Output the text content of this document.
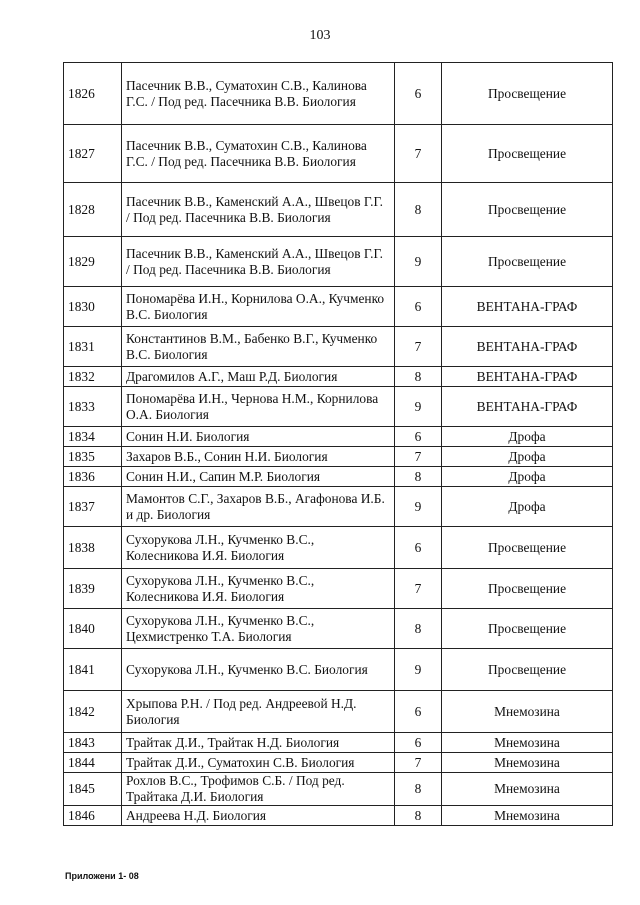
103
1826	Пасечник В.В., Суматохин С.В., Калинова Г.С. / Под ред. Пасечника В.В. Биология	6	Просвещение
1827	Пасечник В.В., Суматохин С.В., Калинова Г.С. / Под ред. Пасечника В.В. Биология	7	Просвещение
1828	Пасечник В.В., Каменский А.А., Швецов Г.Г. / Под ред. Пасечника В.В. Биология	8	Просвещение
1829	Пасечник В.В., Каменский А.А., Швецов Г.Г. / Под ред. Пасечника В.В. Биология	9	Просвещение
1830	Пономарёва И.Н., Корнилова О.А., Кучменко В.С. Биология	6	ВЕНТАНА-ГРАФ
1831	Константинов В.М., Бабенко В.Г., Кучменко В.С. Биология	7	ВЕНТАНА-ГРАФ
1832	Драгомилов А.Г., Маш Р.Д. Биология	8	ВЕНТАНА-ГРАФ
1833	Пономарёва И.Н., Чернова Н.М., Корнилова О.А. Биология	9	ВЕНТАНА-ГРАФ
1834	Сонин Н.И. Биология	6	Дрофа
1835	Захаров В.Б., Сонин Н.И. Биология	7	Дрофа
1836	Сонин Н.И., Сапин М.Р. Биология	8	Дрофа
1837	Мамонтов С.Г., Захаров В.Б., Агафонова И.Б. и др. Биология	9	Дрофа
1838	Сухорукова Л.Н., Кучменко В.С., Колесникова И.Я. Биология	6	Просвещение
1839	Сухорукова Л.Н., Кучменко В.С., Колесникова И.Я. Биология	7	Просвещение
1840	Сухорукова Л.Н., Кучменко В.С., Цехмистренко Т.А. Биология	8	Просвещение
1841	Сухорукова Л.Н., Кучменко В.С. Биология	9	Просвещение
1842	Хрыпова Р.Н. / Под ред. Андреевой Н.Д. Биология	6	Мнемозина
1843	Трайтак Д.И., Трайтак Н.Д. Биология	6	Мнемозина
1844	Трайтак Д.И., Суматохин С.В. Биология	7	Мнемозина
1845	Рохлов В.С., Трофимов С.Б. / Под ред. Трайтака Д.И. Биология	8	Мнемозина
1846	Андреева Н.Д. Биология	8	Мнемозина
Приложени 1- 08
